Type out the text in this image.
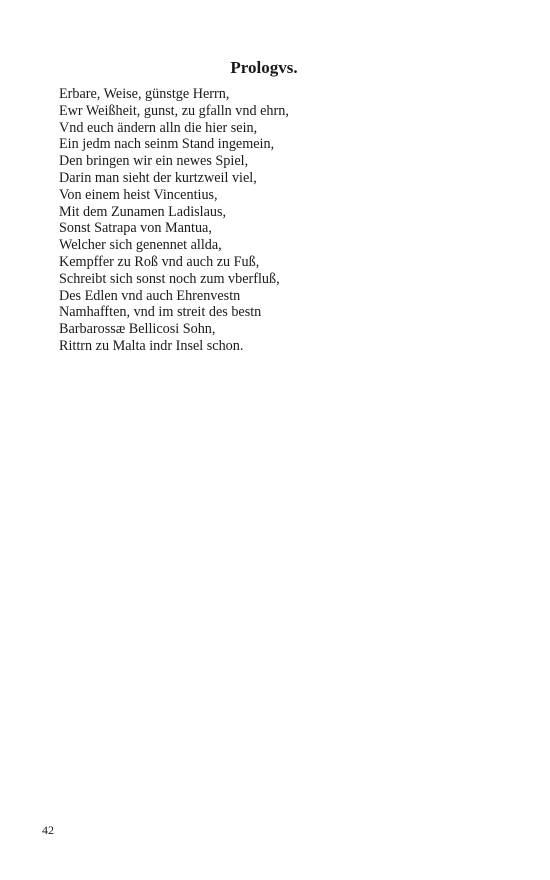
Prologvs.
Erbare, Weise, günstge Herrn,
Ewr Weißheit, gunst, zu gfalln vnd ehrn,
Vnd euch ändern alln die hier sein,
Ein jedm nach seinm Stand ingemein,
Den bringen wir ein newes Spiel,
Darin man sieht der kurtzweil viel,
Von einem heist Vincentius,
Mit dem Zunamen Ladislaus,
Sonst Satrapa von Mantua,
Welcher sich genennet allda,
Kempffer zu Roß vnd auch zu Fuß,
Schreibt sich sonst noch zum vberfluß,
Des Edlen vnd auch Ehrenvestn
Namhafften, vnd im streit des bestn
Barbarossæ Bellicosi Sohn,
Rittrn zu Malta indr Insel schon.
42
